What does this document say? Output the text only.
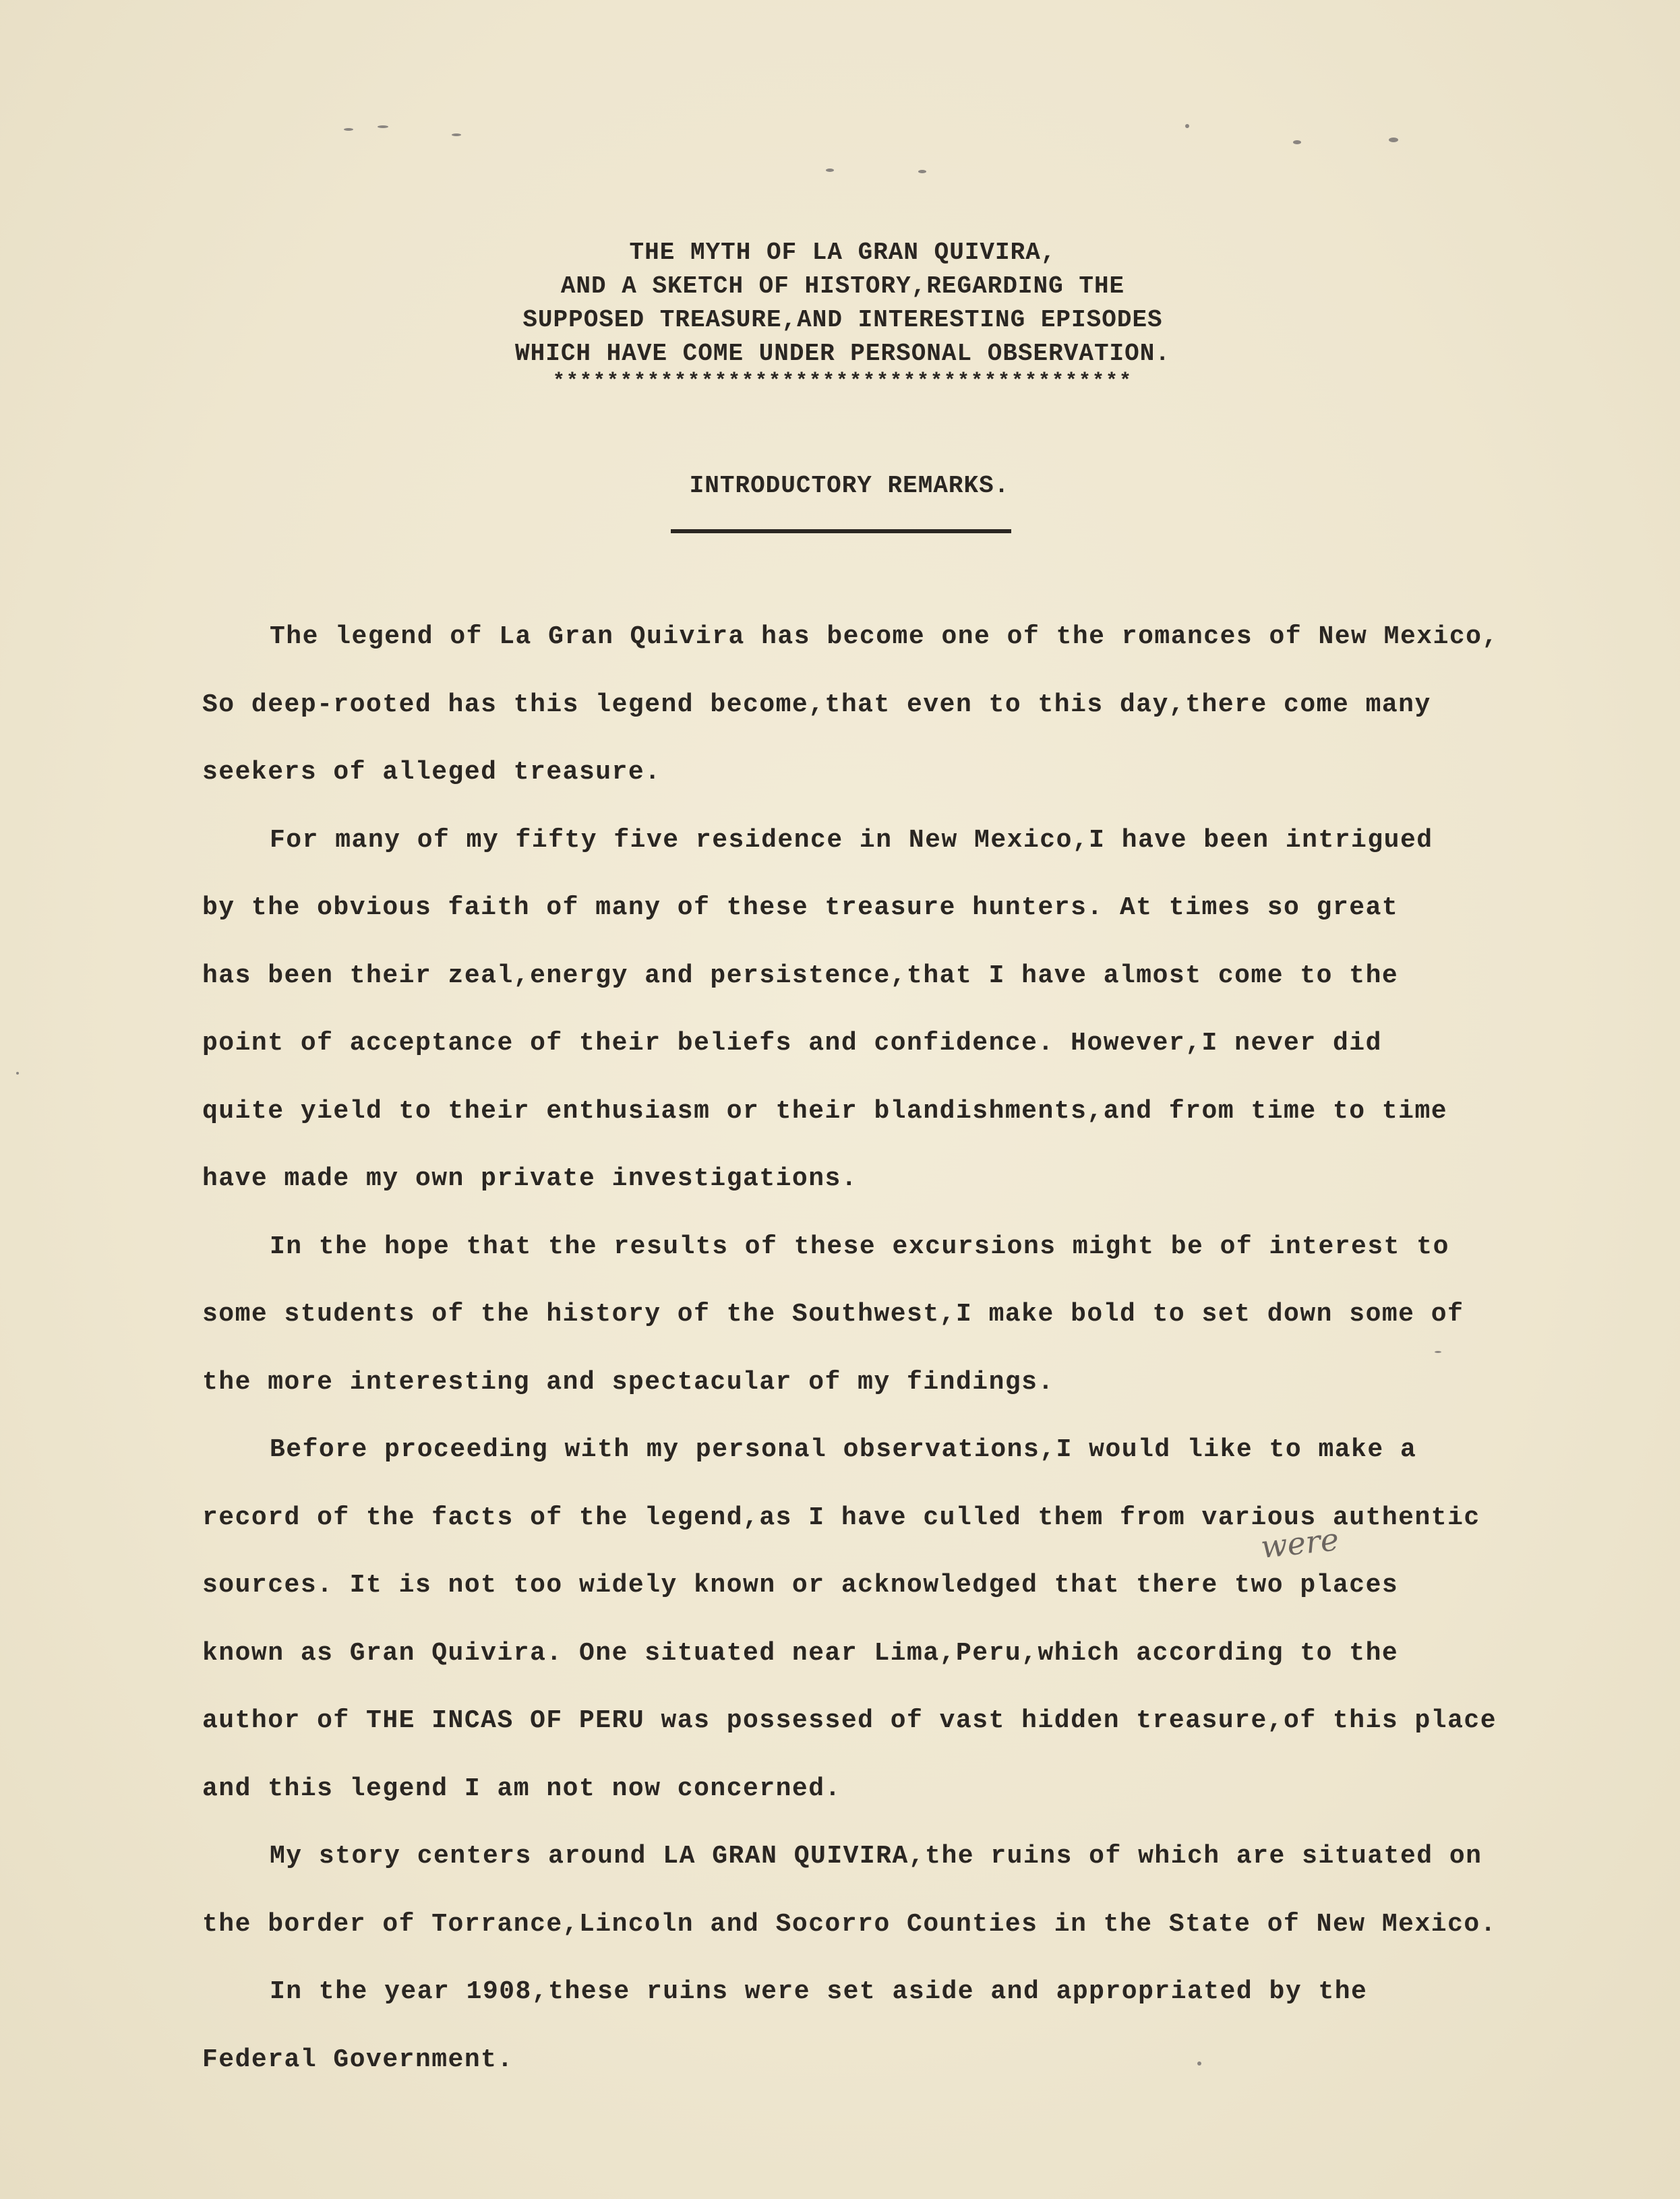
THE MYTH OF LA GRAN QUIVIRA,
AND A SKETCH OF HISTORY,REGARDING THE
SUPPOSED TREASURE,AND INTERESTING EPISODES
WHICH HAVE COME UNDER PERSONAL OBSERVATION.
*******************************************
INTRODUCTORY REMARKS.
The legend of La Gran Quivira has become one of the romances of New Mexico,
So deep-rooted has this legend become,that even to this day,there come many
seekers of alleged treasure.
For many of my fifty five residence in New Mexico,I have been intrigued
by the obvious faith of many of these treasure hunters. At times so great
has been their zeal,energy and persistence,that I have almost come to the
point of acceptance of their beliefs and confidence. However,I never did
quite yield to their enthusiasm or their blandishments,and from time to time
have made my own private investigations.
In the hope that the results of these excursions might be of interest to
some students of the history of the Southwest,I make bold to set down some of
the more interesting and spectacular of my findings.
Before proceeding with my personal observations,I would like to make a
record of the facts of the legend,as I have culled them from various authentic
sources. It is not too widely known or acknowledged that there two places
known as Gran Quivira. One situated near Lima,Peru,which according to the
author of THE INCAS OF PERU was possessed of vast hidden treasure,of this place
and this legend I am not now concerned.
My story centers around LA GRAN QUIVIRA,the ruins of which are situated on
the border of Torrance,Lincoln and Socorro Counties in the State of New Mexico.
In the year 1908,these ruins were set aside and appropriated by the
Federal Government.
were
